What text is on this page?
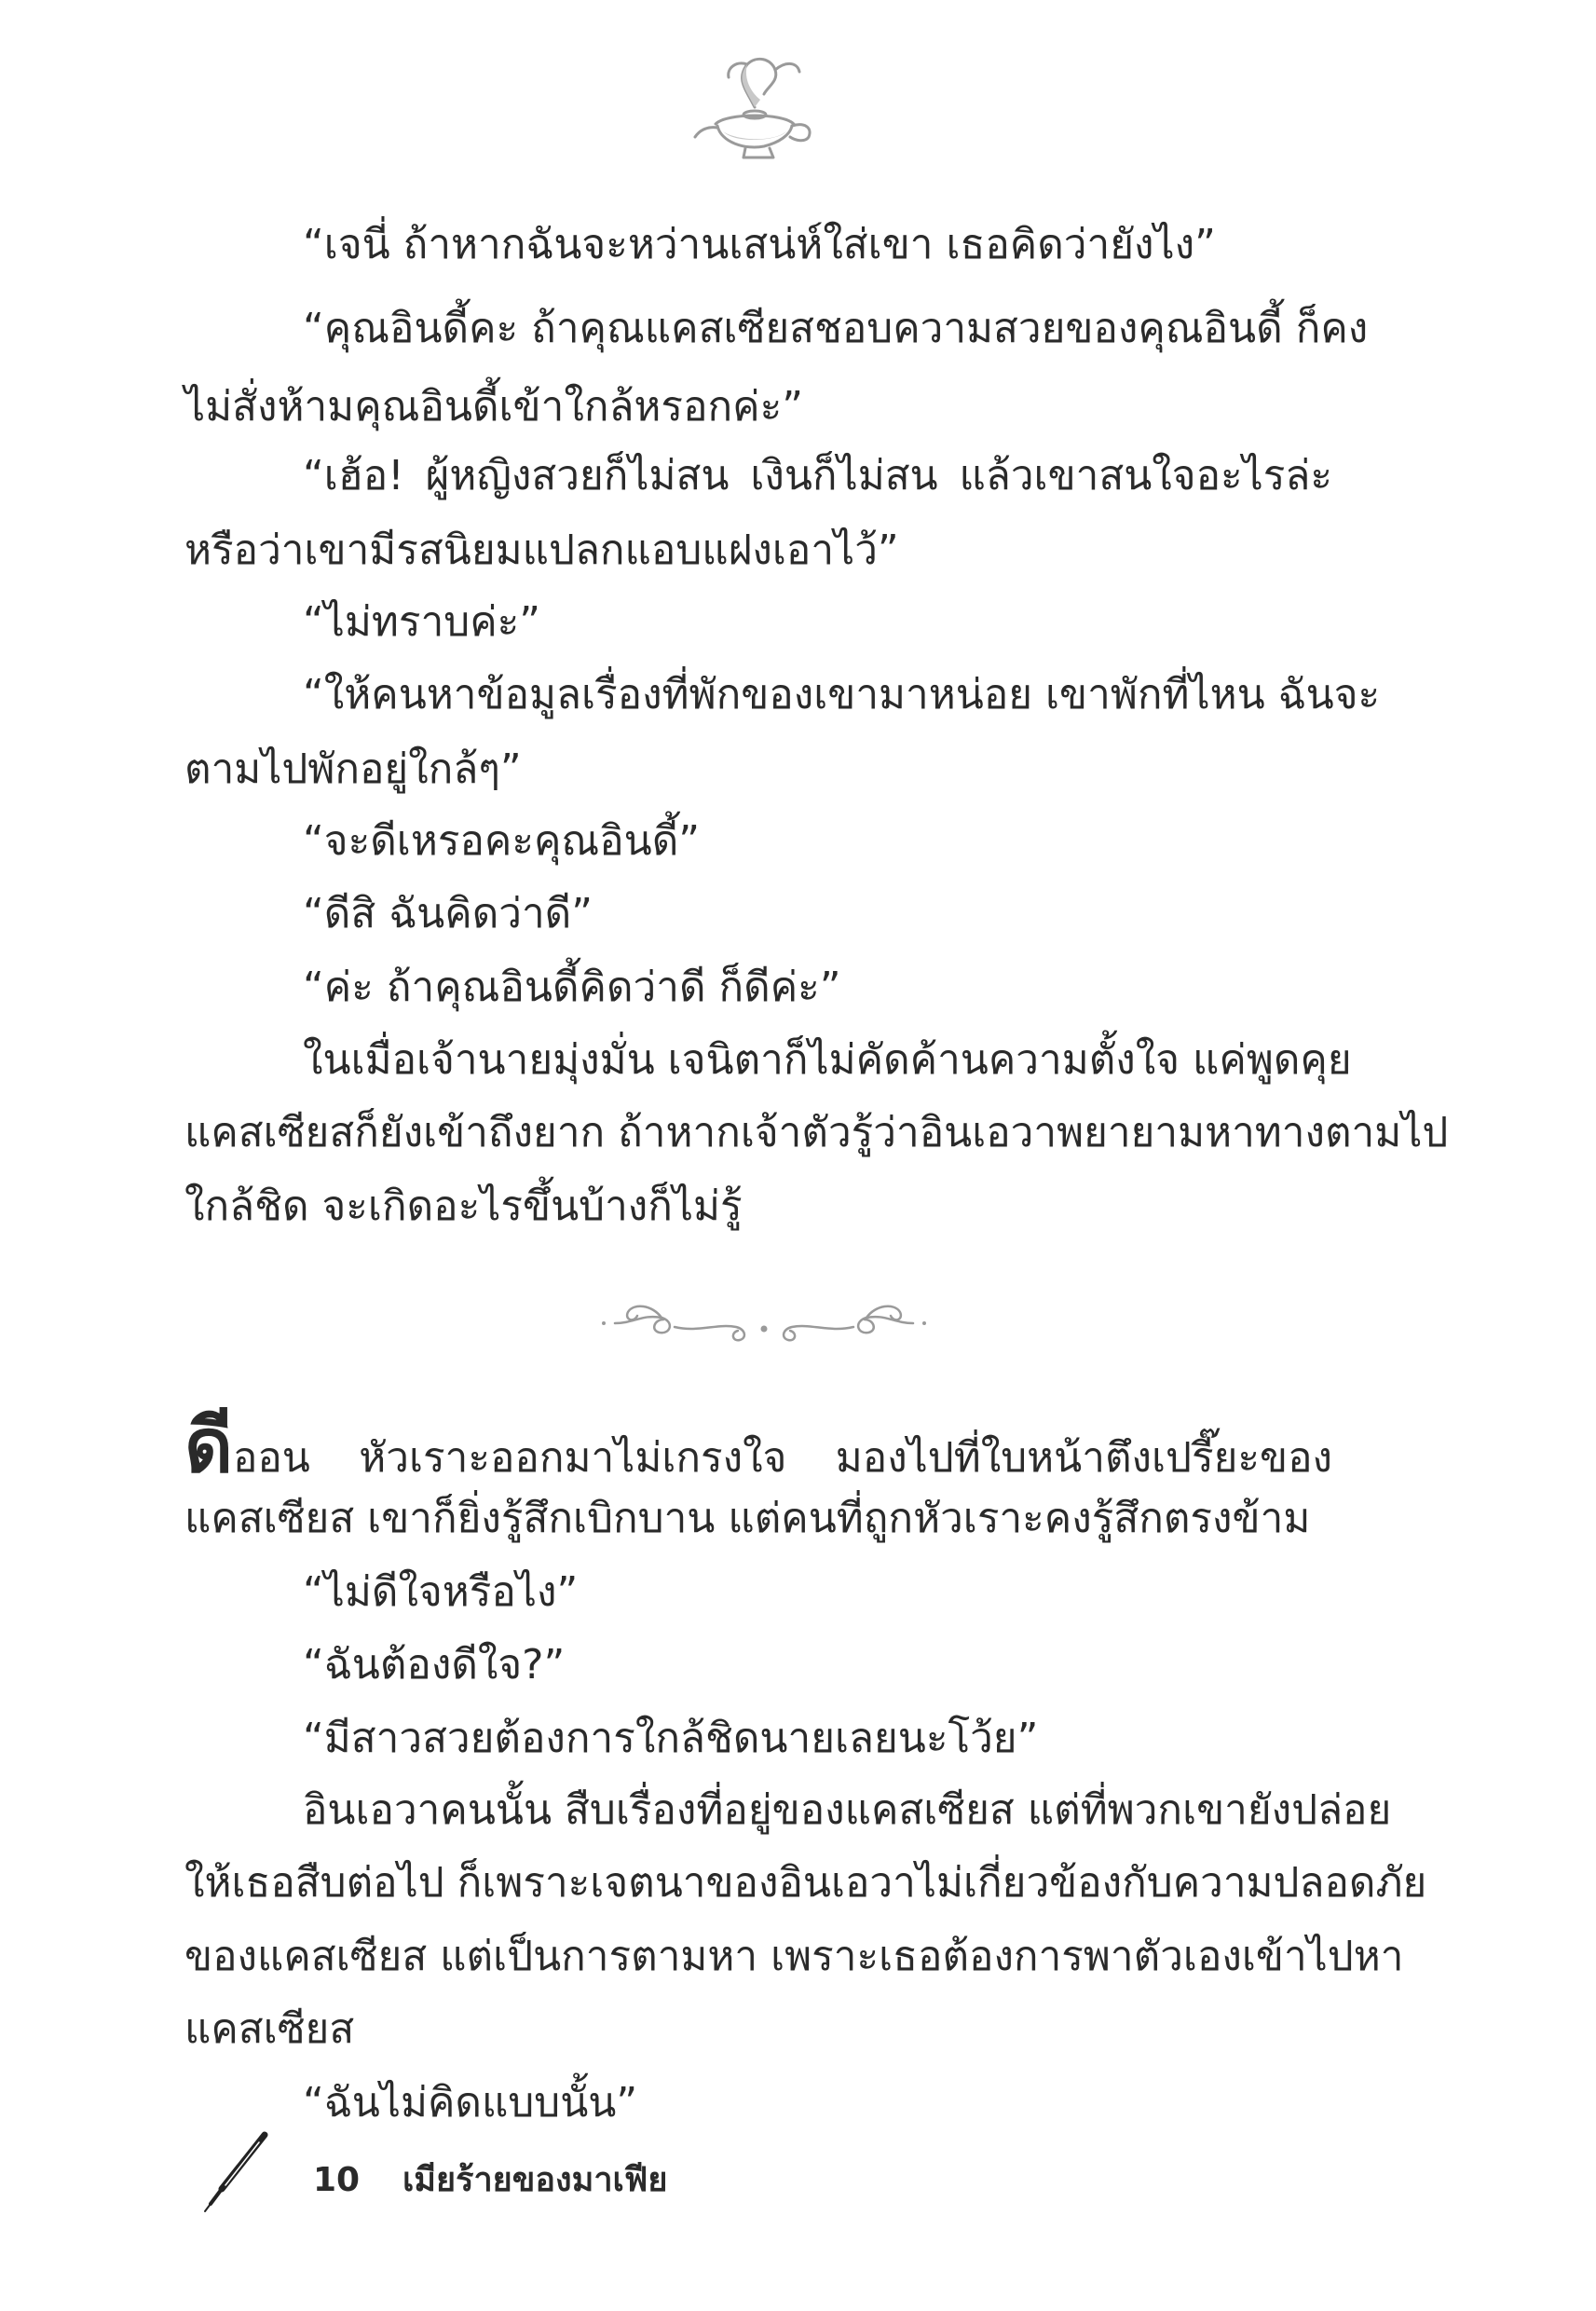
“เจนี่ ถ้าหากฉันจะหว่านเสน่ห์ใส่เขา เธอคิดว่ายังไง”
“คุณอินดี้คะ ถ้าคุณแคสเซียสชอบความสวยของคุณอินดี้ ก็คง
ไม่สั่งห้ามคุณอินดี้เข้าใกล้หรอกค่ะ”
“เฮ้อ! ผู้หญิงสวยก็ไม่สน เงินก็ไม่สน แล้วเขาสนใจอะไรล่ะ
หรือว่าเขามีรสนิยมแปลกแอบแฝงเอาไว้”
“ไม่ทราบค่ะ”
“ให้คนหาข้อมูลเรื่องที่พักของเขามาหน่อย เขาพักที่ไหน ฉันจะ
ตามไปพักอยู่ใกล้ๆ”
“จะดีเหรอคะคุณอินดี้”
“ดีสิ ฉันคิดว่าดี”
“ค่ะ ถ้าคุณอินดี้คิดว่าดี ก็ดีค่ะ”
ในเมื่อเจ้านายมุ่งมั่น เจนิตาก็ไม่คัดค้านความตั้งใจ แค่พูดคุย
แคสเซียสก็ยังเข้าถึงยาก ถ้าหากเจ้าตัวรู้ว่าอินเอวาพยายามหาทางตามไป
ใกล้ชิด จะเกิดอะไรขึ้นบ้างก็ไม่รู้
ดีออน หัวเราะออกมาไม่เกรงใจ มองไปที่ใบหน้าตึงเปรี๊ยะของ
แคสเซียส เขาก็ยิ่งรู้สึกเบิกบาน แต่คนที่ถูกหัวเราะคงรู้สึกตรงข้าม
“ไม่ดีใจหรือไง”
“ฉันต้องดีใจ?”
“มีสาวสวยต้องการใกล้ชิดนายเลยนะโว้ย”
อินเอวาคนนั้น สืบเรื่องที่อยู่ของแคสเซียส แต่ที่พวกเขายังปล่อย
ให้เธอสืบต่อไป ก็เพราะเจตนาของอินเอวาไม่เกี่ยวข้องกับความปลอดภัย
ของแคสเซียส แต่เป็นการตามหา เพราะเธอต้องการพาตัวเองเข้าไปหา
แคสเซียส
“ฉันไม่คิดแบบนั้น”
10 เมียร้ายของมาเฟีย
